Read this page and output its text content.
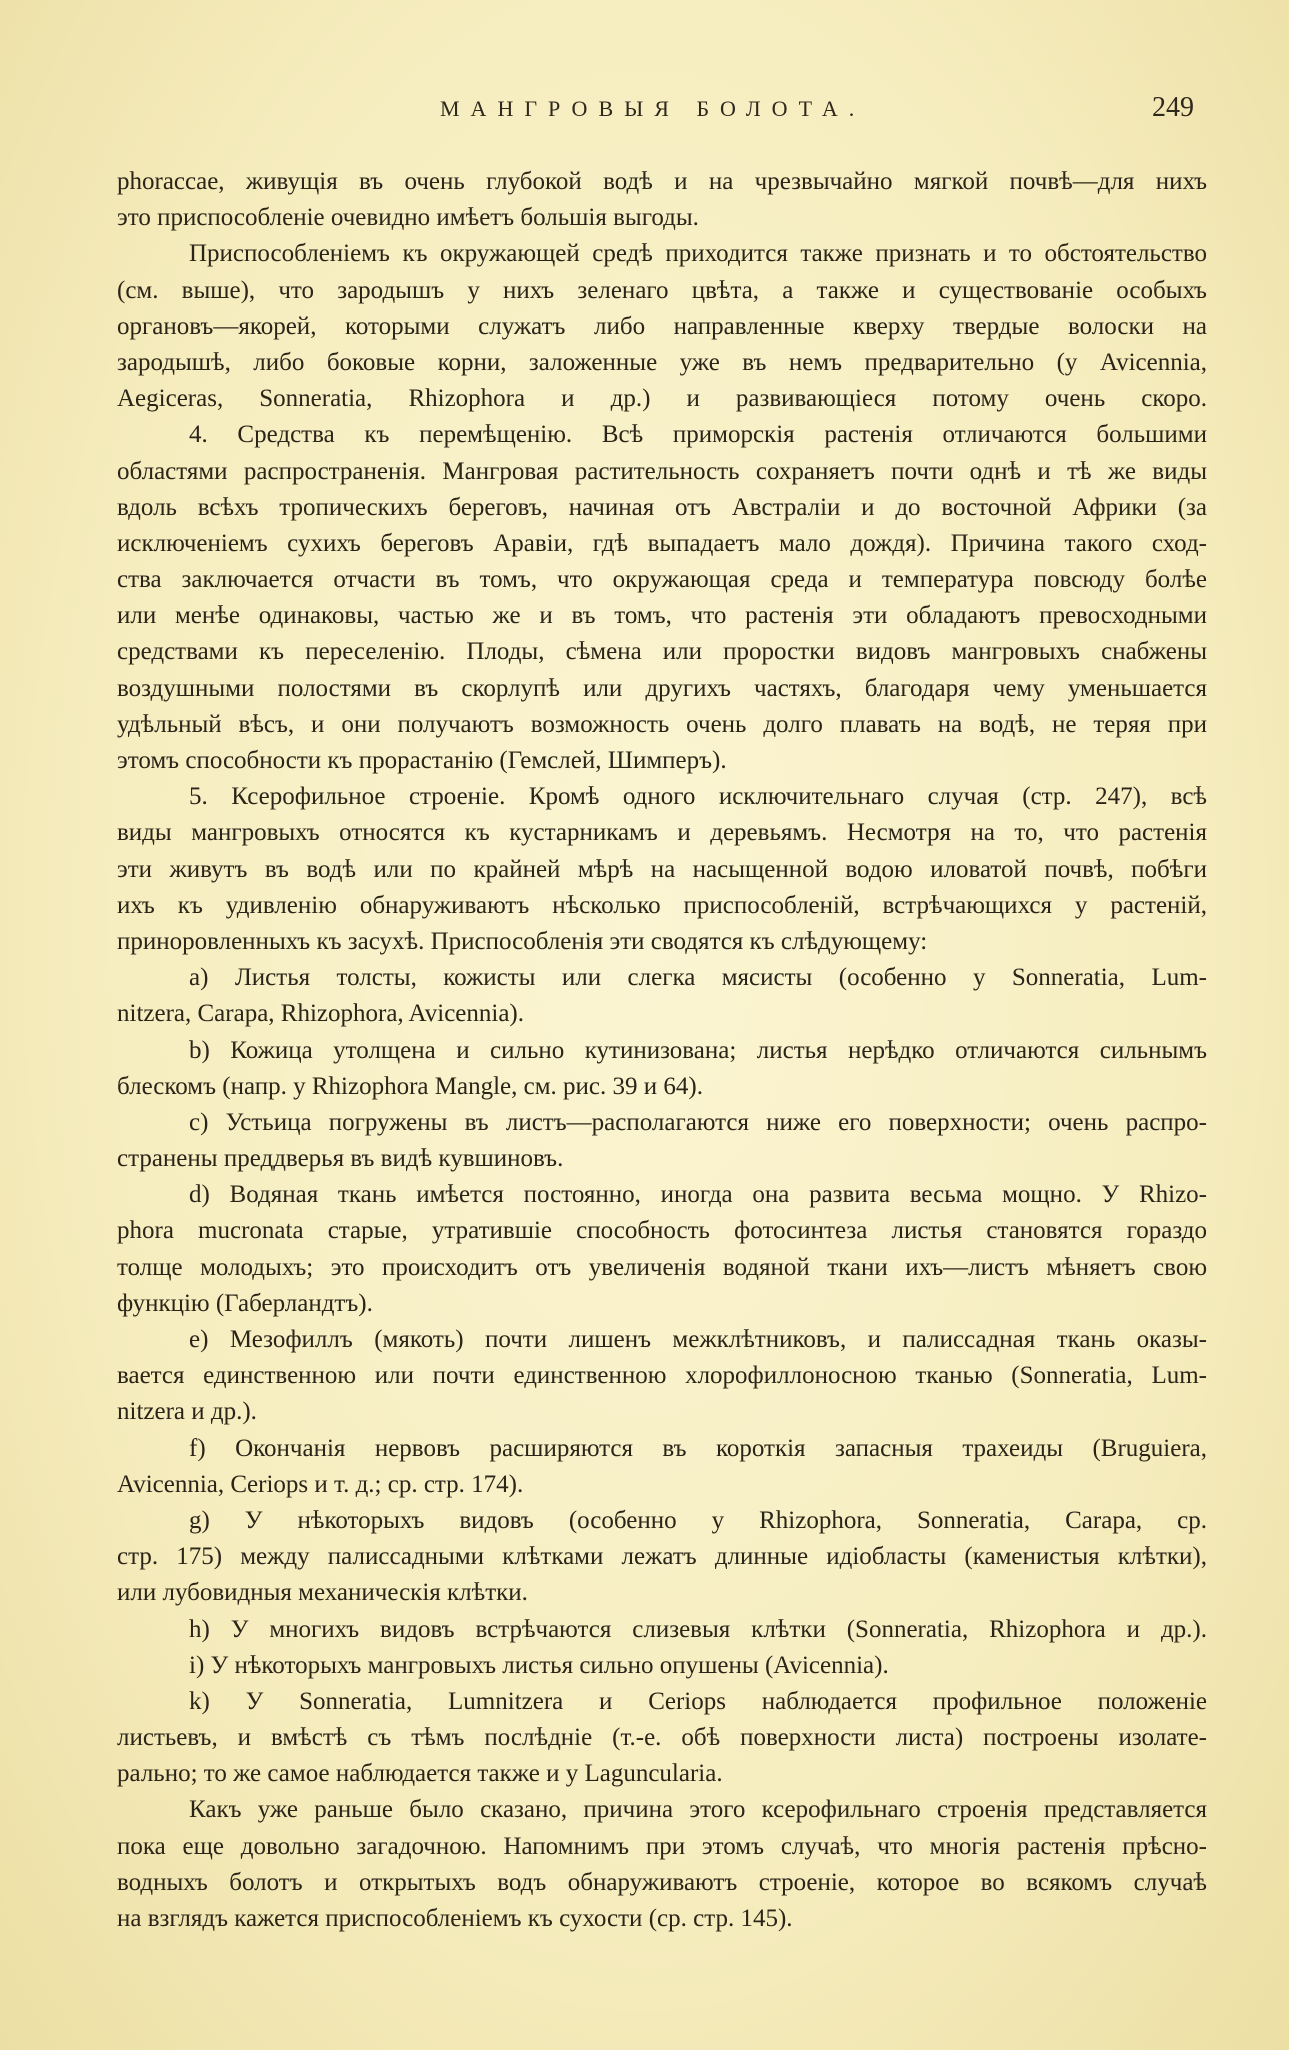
МАНГРОВЫЯ БОЛОТА.	249
phoracсae, живущія въ очень глубокой водѣ и на чрезвычайно мягкой почвѣ—для нихъ
это приспособленіе очевидно имѣетъ большія выгоды.
Приспособленіемъ къ окружающей средѣ приходится также признать и то обстоятельство
(см. выше), что зародышъ у нихъ зеленаго цвѣта, а также и существованіе особыхъ
органовъ—якорей, которыми служатъ либо направленные кверху твердые волоски на
зародышѣ, либо боковые корни, заложенные уже въ немъ предварительно (у Avicennia,
Aegiceras, Sonneratia, Rhizophora и др.) и развивающіеся потому очень скоро.
4. Средства къ перемѣщенію. Всѣ приморскія растенія отличаются большими
областями распространенія. Мангровая растительность сохраняетъ почти однѣ и тѣ же виды
вдоль всѣхъ тропическихъ береговъ, начиная отъ Австраліи и до восточной Африки (за
исключеніемъ сухихъ береговъ Аравіи, гдѣ выпадаетъ мало дождя). Причина такого сход-
ства заключается отчасти въ томъ, что окружающая среда и температура повсюду болѣе
или менѣе одинаковы, частью же и въ томъ, что растенія эти обладаютъ превосходными
средствами къ переселенію. Плоды, сѣмена или проростки видовъ мангровыхъ снабжены
воздушными полостями въ скорлупѣ или другихъ частяхъ, благодаря чему уменьшается
удѣльный вѣсъ, и они получаютъ возможность очень долго плавать на водѣ, не теряя при
этомъ способности къ прорастанію (Гемслей, Шимперъ).
5. Ксерофильное строеніе. Кромѣ одного исключительнаго случая (стр. 247), всѣ
виды мангровыхъ относятся къ кустарникамъ и деревьямъ. Несмотря на то, что растенія
эти живутъ въ водѣ или по крайней мѣрѣ на насыщенной водою иловатой почвѣ, побѣги
ихъ къ удивленію обнаруживаютъ нѣсколько приспособленій, встрѣчающихся у растеній,
приноровленныхъ къ засухѣ. Приспособленія эти сводятся къ слѣдующему:
a) Листья толсты, кожисты или слегка мясисты (особенно у Sonneratia, Lum-
nitzera, Carapa, Rhizophora, Avicennia).
b) Кожица утолщена и сильно кутинизована; листья нерѣдко отличаются сильнымъ
блескомъ (напр. у Rhizophora Mangle, см. рис. 39 и 64).
c) Устьица погружены въ листъ—располагаются ниже его поверхности; очень распро-
странены преддверья въ видѣ кувшиновъ.
d) Водяная ткань имѣется постоянно, иногда она развита весьма мощно. У Rhizo-
phora mucronata старые, утратившіе способность фотосинтеза листья становятся гораздо
толще молодыхъ; это происходитъ отъ увеличенія водяной ткани ихъ—листъ мѣняетъ свою
функцію (Габерландтъ).
e) Мезофиллъ (мякоть) почти лишенъ межклѣтниковъ, и палиссадная ткань оказы-
вается единственною или почти единственною хлорофиллоносною тканью (Sonneratia, Lum-
nitzera и др.).
f) Окончанія нервовъ расширяются въ короткія запасныя трахеиды (Bruguiera,
Avicennia, Ceriops и т. д.; ср. стр. 174).
g) У нѣкоторыхъ видовъ (особенно у Rhizophora, Sonneratia, Carapa, ср.
стр. 175) между палиссадными клѣтками лежатъ длинные идіобласты (каменистыя клѣтки),
или лубовидныя механическія клѣтки.
h) У многихъ видовъ встрѣчаются слизевыя клѣтки (Sonneratia, Rhizophora и др.).
i) У нѣкоторыхъ мангровыхъ листья сильно опушены (Avicennia).
k) У Sonneratia, Lumnitzera и Ceriops наблюдается профильное положеніе
листьевъ, и вмѣстѣ съ тѣмъ послѣдніе (т.-е. обѣ поверхности листа) построены изолате-
рально; то же самое наблюдается также и у Laguncularia.
Какъ уже раньше было сказано, причина этого ксерофильнаго строенія представляется
пока еще довольно загадочною. Напомнимъ при этомъ случаѣ, что многія растенія прѣсно-
водныхъ болотъ и открытыхъ водъ обнаруживаютъ строеніе, которое во всякомъ случаѣ
на взглядъ кажется приспособленіемъ къ сухости (ср. стр. 145).
